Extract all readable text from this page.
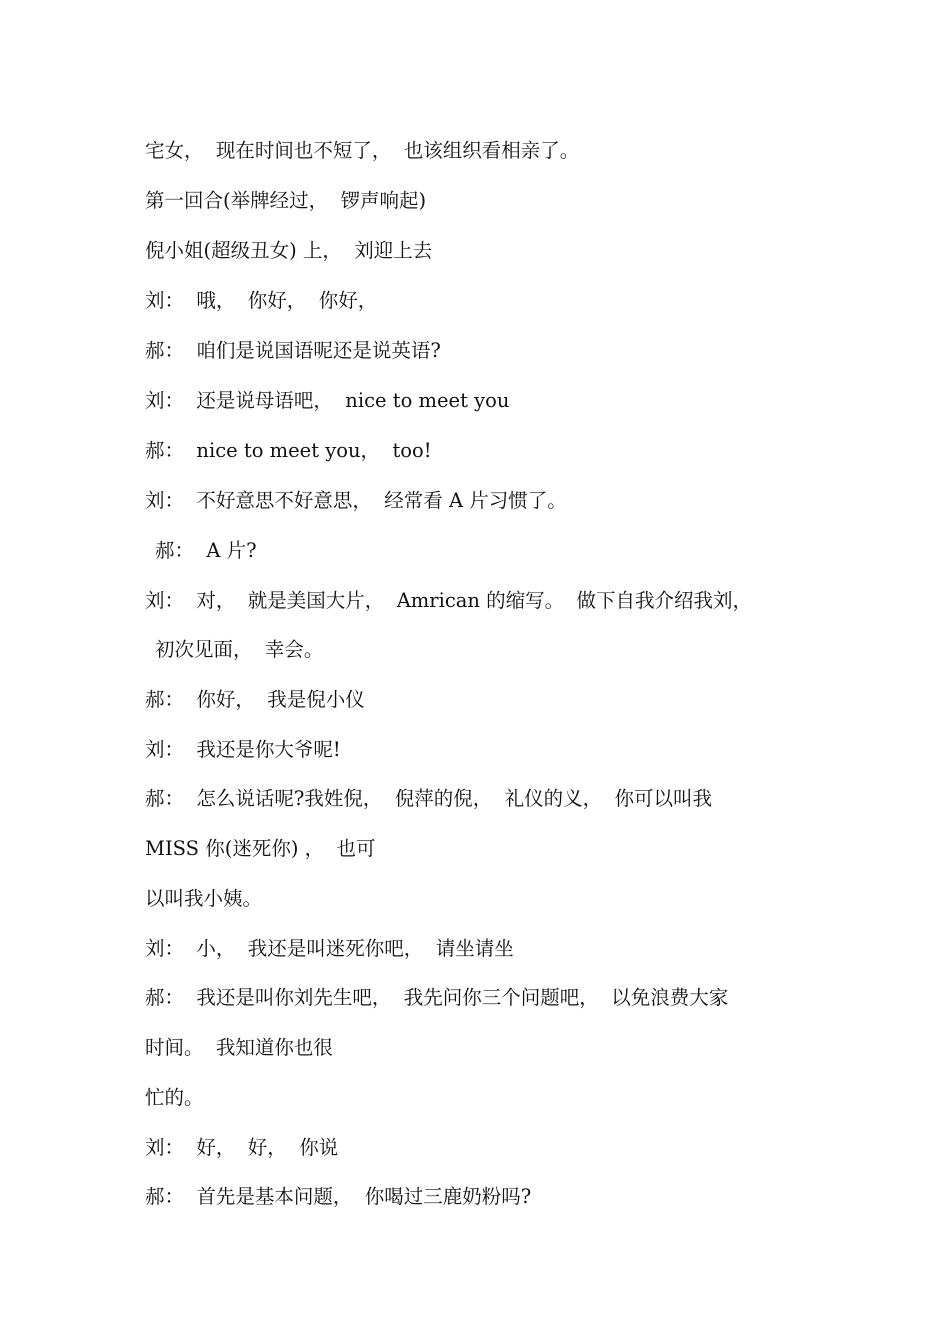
宅女，  现在时间也不短了，  也该组织看相亲了。

第一回合(举牌经过，  锣声响起)

倪小姐(超级丑女) 上，  刘迎上去

刘：  哦，  你好，  你好，

郝：  咱们是说国语呢还是说英语?

刘：  还是说母语吧，  nice to meet you

郝：  nice to meet you，  too!

刘：  不好意思不好意思，  经常看 A 片习惯了。

郝：  A 片?

刘：  对，  就是美国大片，  Amrican 的缩写。  做下自我介绍我刘，

初次见面，  幸会。

郝：  你好，  我是倪小仪

刘：  我还是你大爷呢!

郝：  怎么说话呢?我姓倪，  倪萍的倪，  礼仪的义，  你可以叫我

MISS 你(迷死你) ，  也可

以叫我小姨。

刘：  小，  我还是叫迷死你吧，  请坐请坐

郝：  我还是叫你刘先生吧，  我先问你三个问题吧，  以免浪费大家

时间。  我知道你也很

忙的。

刘：  好，  好，  你说

郝：  首先是基本问题，  你喝过三鹿奶粉吗?
